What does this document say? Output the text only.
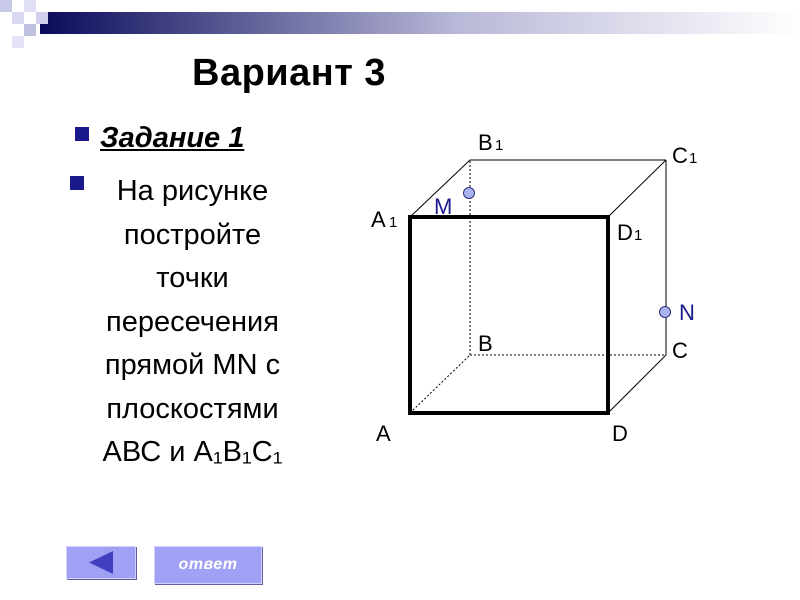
Вариант 3
Задание 1
На рисунке
постройте
точки
пересечения
прямой MN с
плоскостями
АВС и А₁В₁С₁
A
B	C
D
A 1
B 1	C 1
D 1
M
N
ответ
